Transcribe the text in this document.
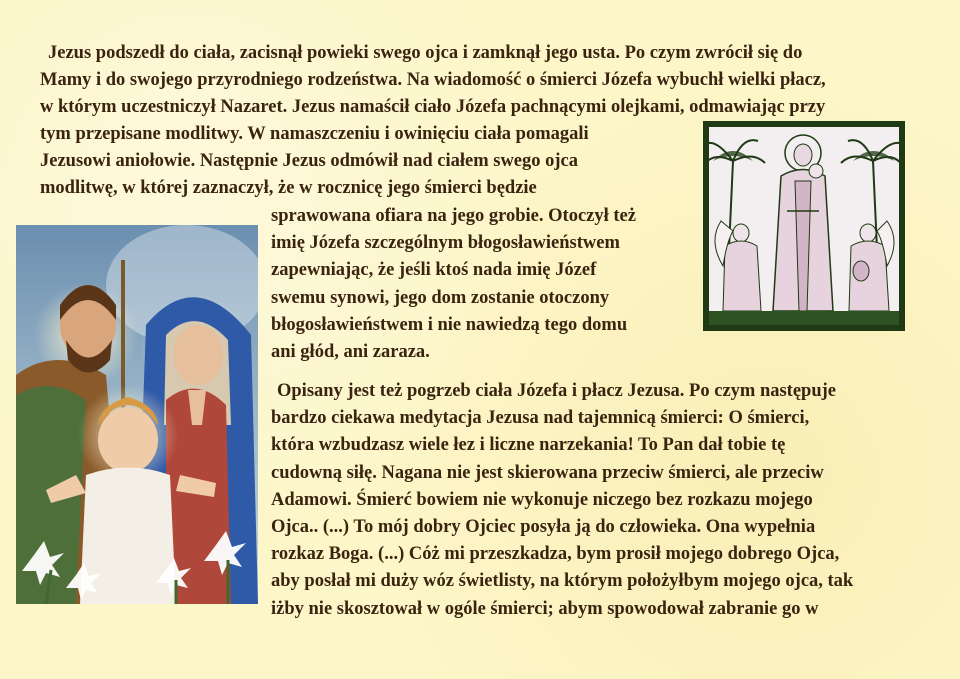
Jezus podszedł do ciała, zacisnął powieki swego ojca i zamknął jego usta. Po czym zwrócił się do
Mamy i do swojego przyrodniego rodzeństwa. Na wiadomość o śmierci Józefa wybuchł wielki płacz,
w którym uczestniczył Nazaret. Jezus namaścił ciało Józefa pachnącymi olejkami, odmawiając przy
tym przepisane modlitwy. W namaszczeniu i owinięciu ciała pomagali
Jezusowi aniołowie. Następnie Jezus odmówił nad ciałem swego ojca
modlitwę, w której zaznaczył, że w rocznicę jego śmierci będzie
sprawowana ofiara na jego grobie. Otoczył też
imię Józefa szczególnym błogosławieństwem
zapewniając, że jeśli ktoś nada imię Józef
swemu synowi, jego dom zostanie otoczony
błogosławieństwem i nie nawiedzą tego domu
ani głód, ani zaraza.
Opisany jest też pogrzeb ciała Józefa i płacz Jezusa. Po czym następuje
bardzo ciekawa medytacja Jezusa nad tajemnicą śmierci: O śmierci,
która wzbudzasz wiele łez i liczne narzekania! To Pan dał tobie tę
cudowną siłę. Nagana nie jest skierowana przeciw śmierci, ale przeciw
Adamowi. Śmierć bowiem nie wykonuje niczego bez rozkazu mojego
Ojca.. (...) To mój dobry Ojciec posyła ją do człowieka. Ona wypełnia
rozkaz Boga. (...) Cóż mi przeszkadza, bym prosił mojego dobrego Ojca,
aby posłał mi duży wóz świetlisty, na którym położyłbym mojego ojca, tak
iżby nie skosztował w ogóle śmierci; abym spowodował zabranie go w
